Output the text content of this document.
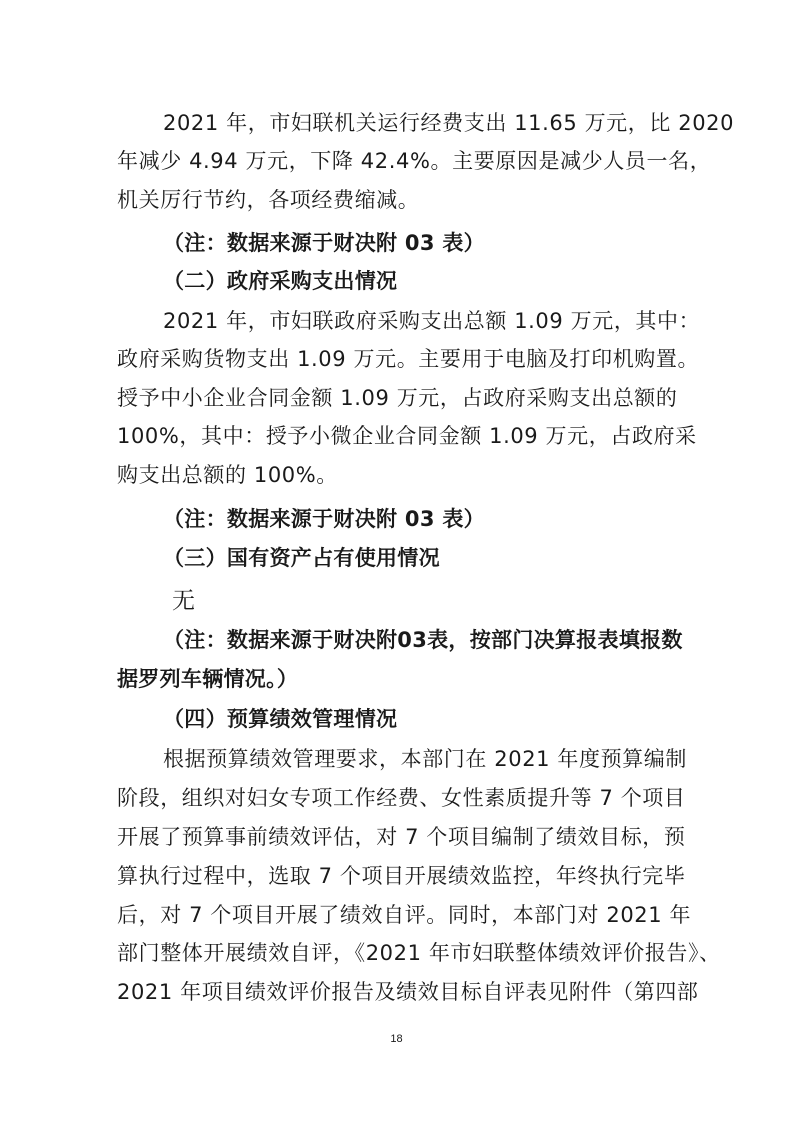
2021 年，市妇联机关运行经费支出 11.65 万元，比 2020
年减少 4.94 万元，下降 42.4%。主要原因是减少人员一名，
机关厉行节约，各项经费缩减。
（注：数据来源于财决附 03 表）
（二）政府采购支出情况
2021 年，市妇联政府采购支出总额 1.09 万元，其中：
政府采购货物支出 1.09 万元。主要用于电脑及打印机购置。
授予中小企业合同金额 1.09 万元，占政府采购支出总额的
100%，其中：授予小微企业合同金额 1.09 万元，占政府采
购支出总额的 100%。
（注：数据来源于财决附 03 表）
（三）国有资产占有使用情况
无
（注：数据来源于财决附03表，按部门决算报表填报数
据罗列车辆情况。）
（四）预算绩效管理情况
根据预算绩效管理要求，本部门在 2021 年度预算编制
阶段，组织对妇女专项工作经费、女性素质提升等 7 个项目
开展了预算事前绩效评估，对 7 个项目编制了绩效目标，预
算执行过程中，选取 7 个项目开展绩效监控，年终执行完毕
后，对 7 个项目开展了绩效自评。同时，本部门对 2021 年
部门整体开展绩效自评，《2021 年市妇联整体绩效评价报告》、
2021 年项目绩效评价报告及绩效目标自评表见附件（第四部
18
